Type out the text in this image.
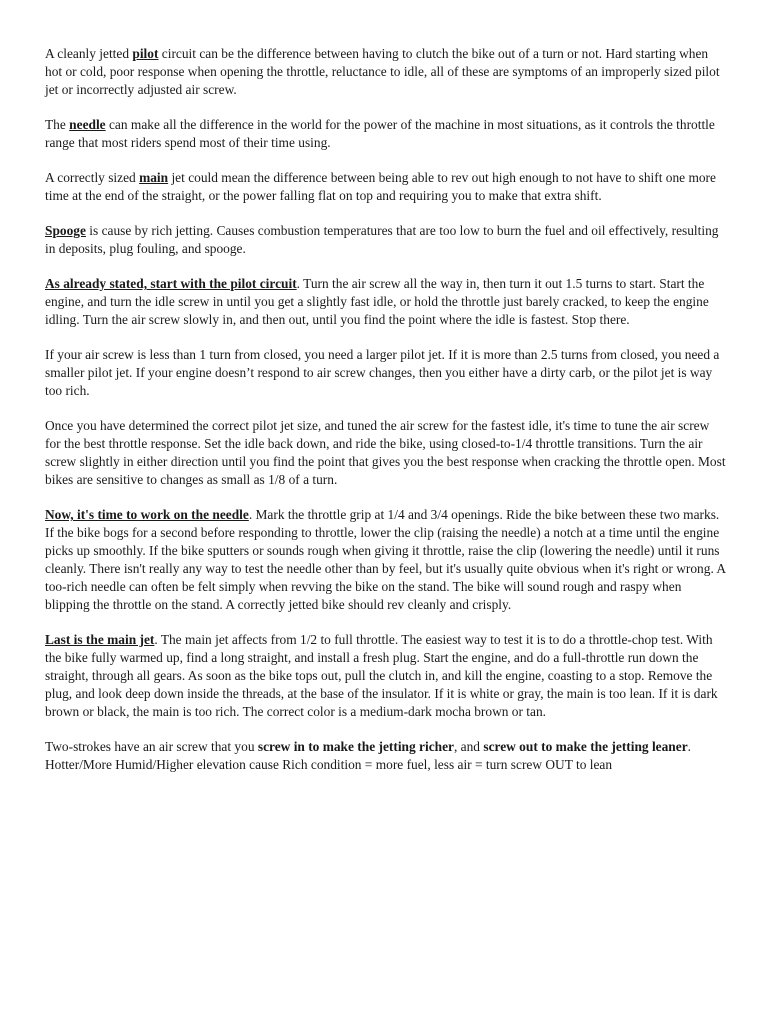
A cleanly jetted pilot circuit can be the difference between having to clutch the bike out of a turn or not. Hard starting when hot or cold, poor response when opening the throttle, reluctance to idle, all of these are symptoms of an improperly sized pilot jet or incorrectly adjusted air screw.

The needle can make all the difference in the world for the power of the machine in most situations, as it controls the throttle range that most riders spend most of their time using.

A correctly sized main jet could mean the difference between being able to rev out high enough to not have to shift one more time at the end of the straight, or the power falling flat on top and requiring you to make that extra shift.

Spooge is cause by rich jetting. Causes combustion temperatures that are too low to burn the fuel and oil effectively, resulting in deposits, plug fouling, and spooge.

As already stated, start with the pilot circuit. Turn the air screw all the way in, then turn it out 1.5 turns to start. Start the engine, and turn the idle screw in until you get a slightly fast idle, or hold the throttle just barely cracked, to keep the engine idling. Turn the air screw slowly in, and then out, until you find the point where the idle is fastest. Stop there.

If your air screw is less than 1 turn from closed, you need a larger pilot jet. If it is more than 2.5 turns from closed, you need a smaller pilot jet. If your engine doesn’t respond to air screw changes, then you either have a dirty carb, or the pilot jet is way too rich.

Once you have determined the correct pilot jet size, and tuned the air screw for the fastest idle, it's time to tune the air screw for the best throttle response. Set the idle back down, and ride the bike, using closed-to-1/4 throttle transitions. Turn the air screw slightly in either direction until you find the point that gives you the best response when cracking the throttle open. Most bikes are sensitive to changes as small as 1/8 of a turn.

Now, it's time to work on the needle. Mark the throttle grip at 1/4 and 3/4 openings. Ride the bike between these two marks. If the bike bogs for a second before responding to throttle, lower the clip (raising the needle) a notch at a time until the engine picks up smoothly. If the bike sputters or sounds rough when giving it throttle, raise the clip (lowering the needle) until it runs cleanly. There isn't really any way to test the needle other than by feel, but it's usually quite obvious when it's right or wrong. A too-rich needle can often be felt simply when revving the bike on the stand. The bike will sound rough and raspy when blipping the throttle on the stand. A correctly jetted bike should rev cleanly and crisply.

Last is the main jet. The main jet affects from 1/2 to full throttle. The easiest way to test it is to do a throttle-chop test. With the bike fully warmed up, find a long straight, and install a fresh plug. Start the engine, and do a full-throttle run down the straight, through all gears. As soon as the bike tops out, pull the clutch in, and kill the engine, coasting to a stop. Remove the plug, and look deep down inside the threads, at the base of the insulator. If it is white or gray, the main is too lean. If it is dark brown or black, the main is too rich. The correct color is a medium-dark mocha brown or tan.

Two-strokes have an air screw that you screw in to make the jetting richer, and screw out to make the jetting leaner. Hotter/More Humid/Higher elevation cause Rich condition = more fuel, less air = turn screw OUT to lean
